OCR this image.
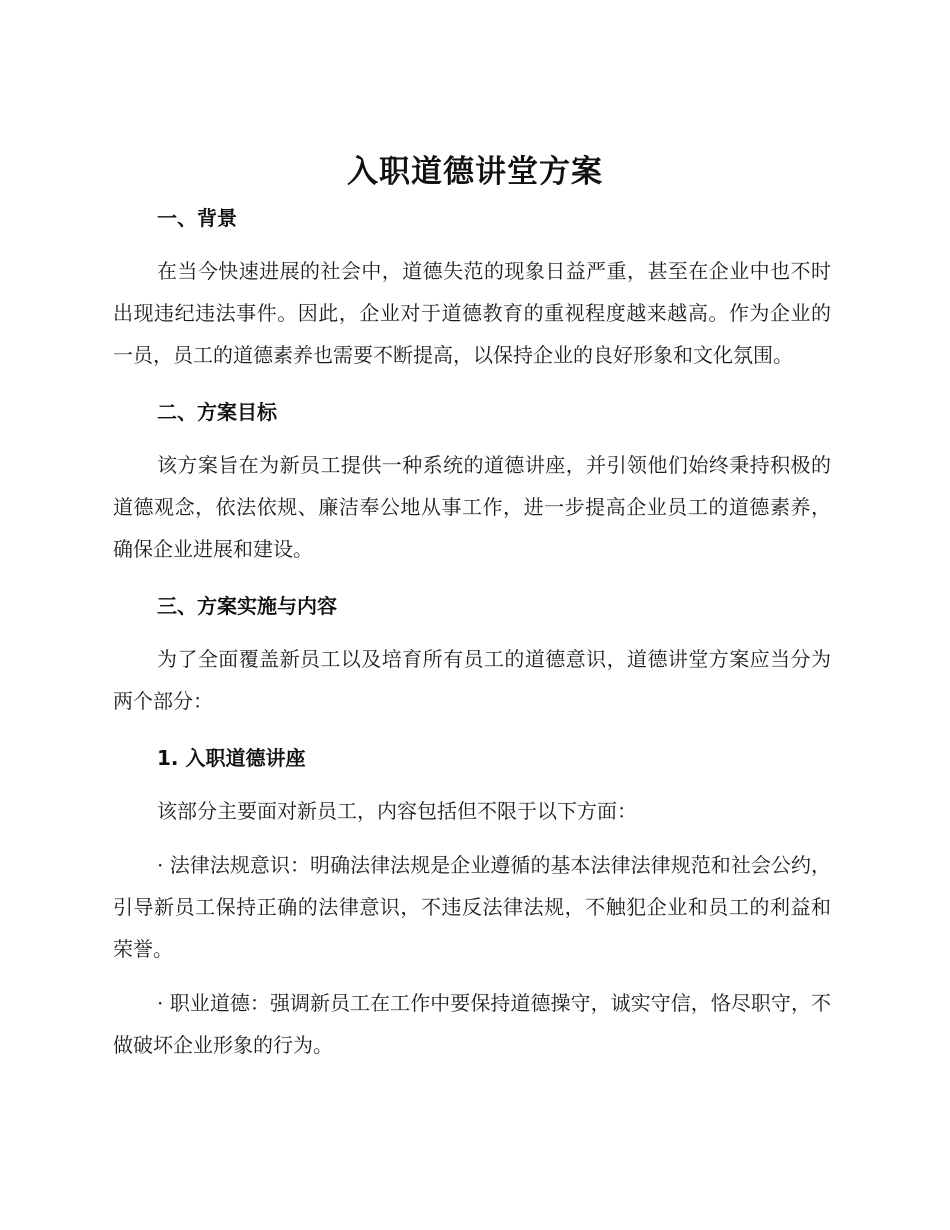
入职道德讲堂方案
一、背景

在当今快速进展的社会中，道德失范的现象日益严重，甚至在企业中也不时出现违纪违法事件。因此，企业对于道德教育的重视程度越来越高。作为企业的一员，员工的道德素养也需要不断提高，以保持企业的良好形象和文化氛围。

二、方案目标

该方案旨在为新员工提供一种系统的道德讲座，并引领他们始终秉持积极的道德观念，依法依规、廉洁奉公地从事工作，进一步提高企业员工的道德素养，确保企业进展和建设。

三、方案实施与内容

为了全面覆盖新员工以及培育所有员工的道德意识，道德讲堂方案应当分为两个部分：

1. 入职道德讲座

该部分主要面对新员工，内容包括但不限于以下方面：

· 法律法规意识：明确法律法规是企业遵循的基本法律法律规范和社会公约，引导新员工保持正确的法律意识，不违反法律法规，不触犯企业和员工的利益和荣誉。

· 职业道德：强调新员工在工作中要保持道德操守，诚实守信，恪尽职守，不做破坏企业形象的行为。
